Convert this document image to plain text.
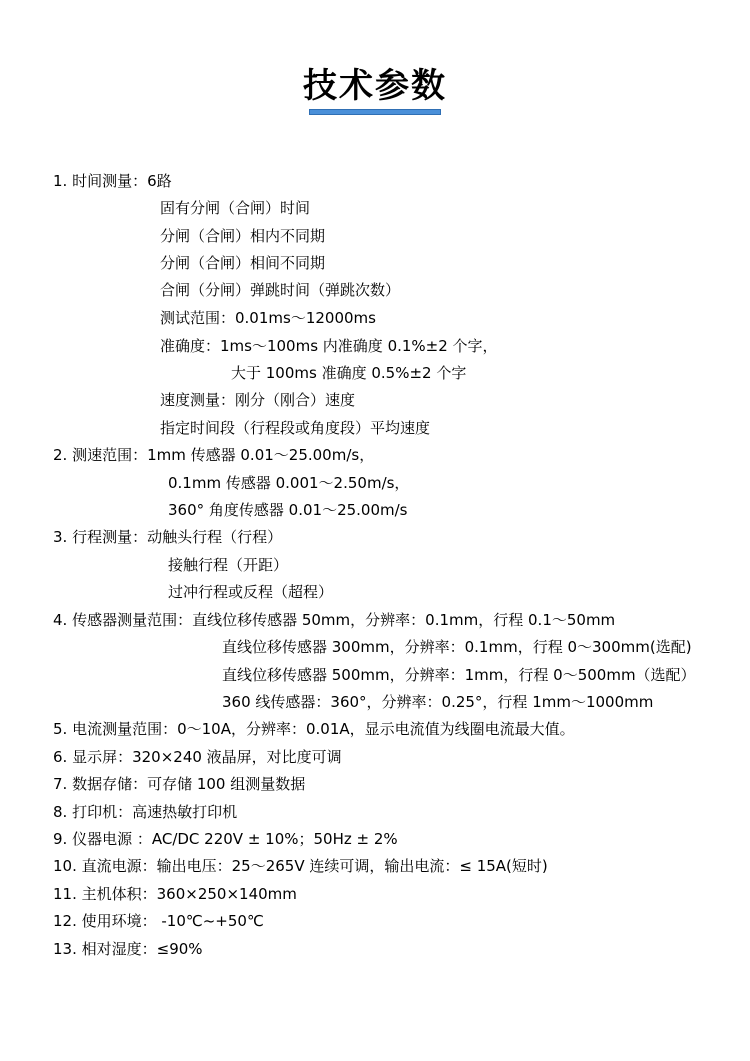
技术参数
1. 时间测量：6路
固有分闸（合闸）时间
分闸（合闸）相内不同期
分闸（合闸）相间不同期
合闸（分闸）弹跳时间（弹跳次数）
测试范围：0.01ms～12000ms
准确度：1ms～100ms 内准确度 0.1%±2 个字，
大于 100ms 准确度 0.5%±2 个字
速度测量：刚分（刚合）速度
指定时间段（行程段或角度段）平均速度
2. 测速范围：1mm 传感器 0.01～25.00m/s，
0.1mm 传感器 0.001～2.50m/s，
360° 角度传感器 0.01～25.00m/s
3. 行程测量：动触头行程（行程）
接触行程（开距）
过冲行程或反程（超程）
4. 传感器测量范围：直线位移传感器 50mm，分辨率：0.1mm，行程 0.1～50mm
直线位移传感器 300mm，分辨率：0.1mm，行程 0～300mm(选配)
直线位移传感器 500mm，分辨率：1mm，行程 0～500mm（选配）
360 线传感器：360°，分辨率：0.25°，行程 1mm～1000mm
5. 电流测量范围：0～10A，分辨率：0.01A，显示电流值为线圈电流最大值。
6. 显示屏：320×240 液晶屏，对比度可调
7. 数据存储：可存储 100 组测量数据
8. 打印机：高速热敏打印机
9. 仪器电源 ：AC/DC 220V ± 10%；50Hz ± 2%
10. 直流电源：输出电压：25～265V 连续可调，输出电流：≤ 15A(短时)
11. 主机体积：360×250×140mm
12. 使用环境： -10℃~+50℃
13. 相对湿度：≤90%
